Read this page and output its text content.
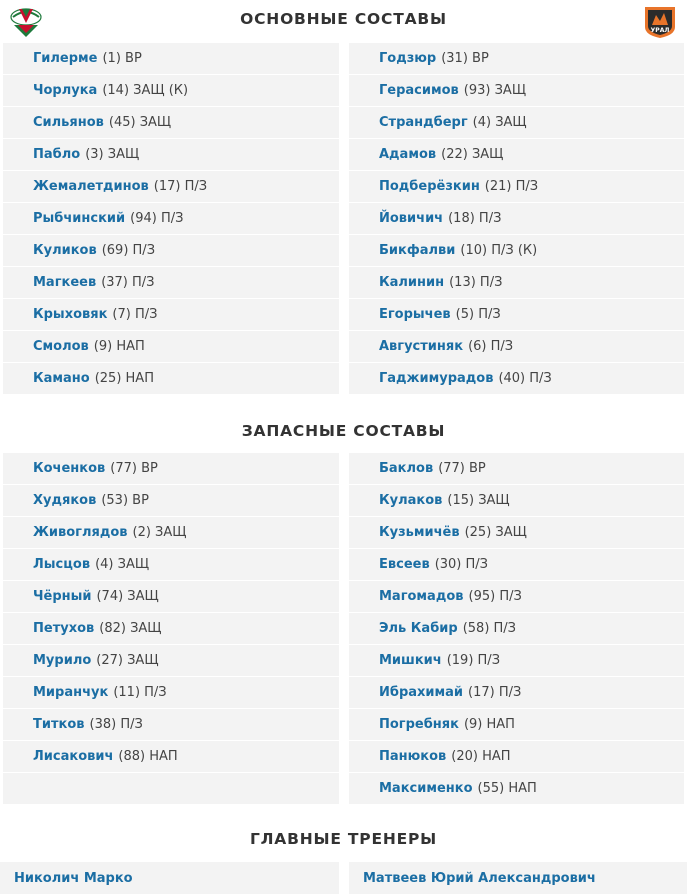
УРАЛ
ОСНОВНЫЕ СОСТАВЫ
Гилерме (1) ВР
Чорлука (14) ЗАЩ (К)
Сильянов (45) ЗАЩ
Пабло (3) ЗАЩ
Жемалетдинов (17) П/З
Рыбчинский (94) П/З
Куликов (69) П/З
Магкеев (37) П/З
Крыховяк (7) П/З
Смолов (9) НАП
Камано (25) НАП
Годзюр (31) ВР
Герасимов (93) ЗАЩ
Страндберг (4) ЗАЩ
Адамов (22) ЗАЩ
Подберёзкин (21) П/З
Йовичич (18) П/З
Бикфалви (10) П/З (К)
Калинин (13) П/З
Егорычев (5) П/З
Августиняк (6) П/З
Гаджимурадов (40) П/З
ЗАПАСНЫЕ СОСТАВЫ
Коченков (77) ВР
Худяков (53) ВР
Живоглядов (2) ЗАЩ
Лысцов (4) ЗАЩ
Чёрный (74) ЗАЩ
Петухов (82) ЗАЩ
Мурило (27) ЗАЩ
Миранчук (11) П/З
Титков (38) П/З
Лисакович (88) НАП
Баклов (77) ВР
Кулаков (15) ЗАЩ
Кузьмичёв (25) ЗАЩ
Евсеев (30) П/З
Магомадов (95) П/З
Эль Кабир (58) П/З
Мишкич (19) П/З
Ибрахимай (17) П/З
Погребняк (9) НАП
Панюков (20) НАП
Максименко (55) НАП
ГЛАВНЫЕ ТРЕНЕРЫ
Николич Марко	Матвеев Юрий Александрович
